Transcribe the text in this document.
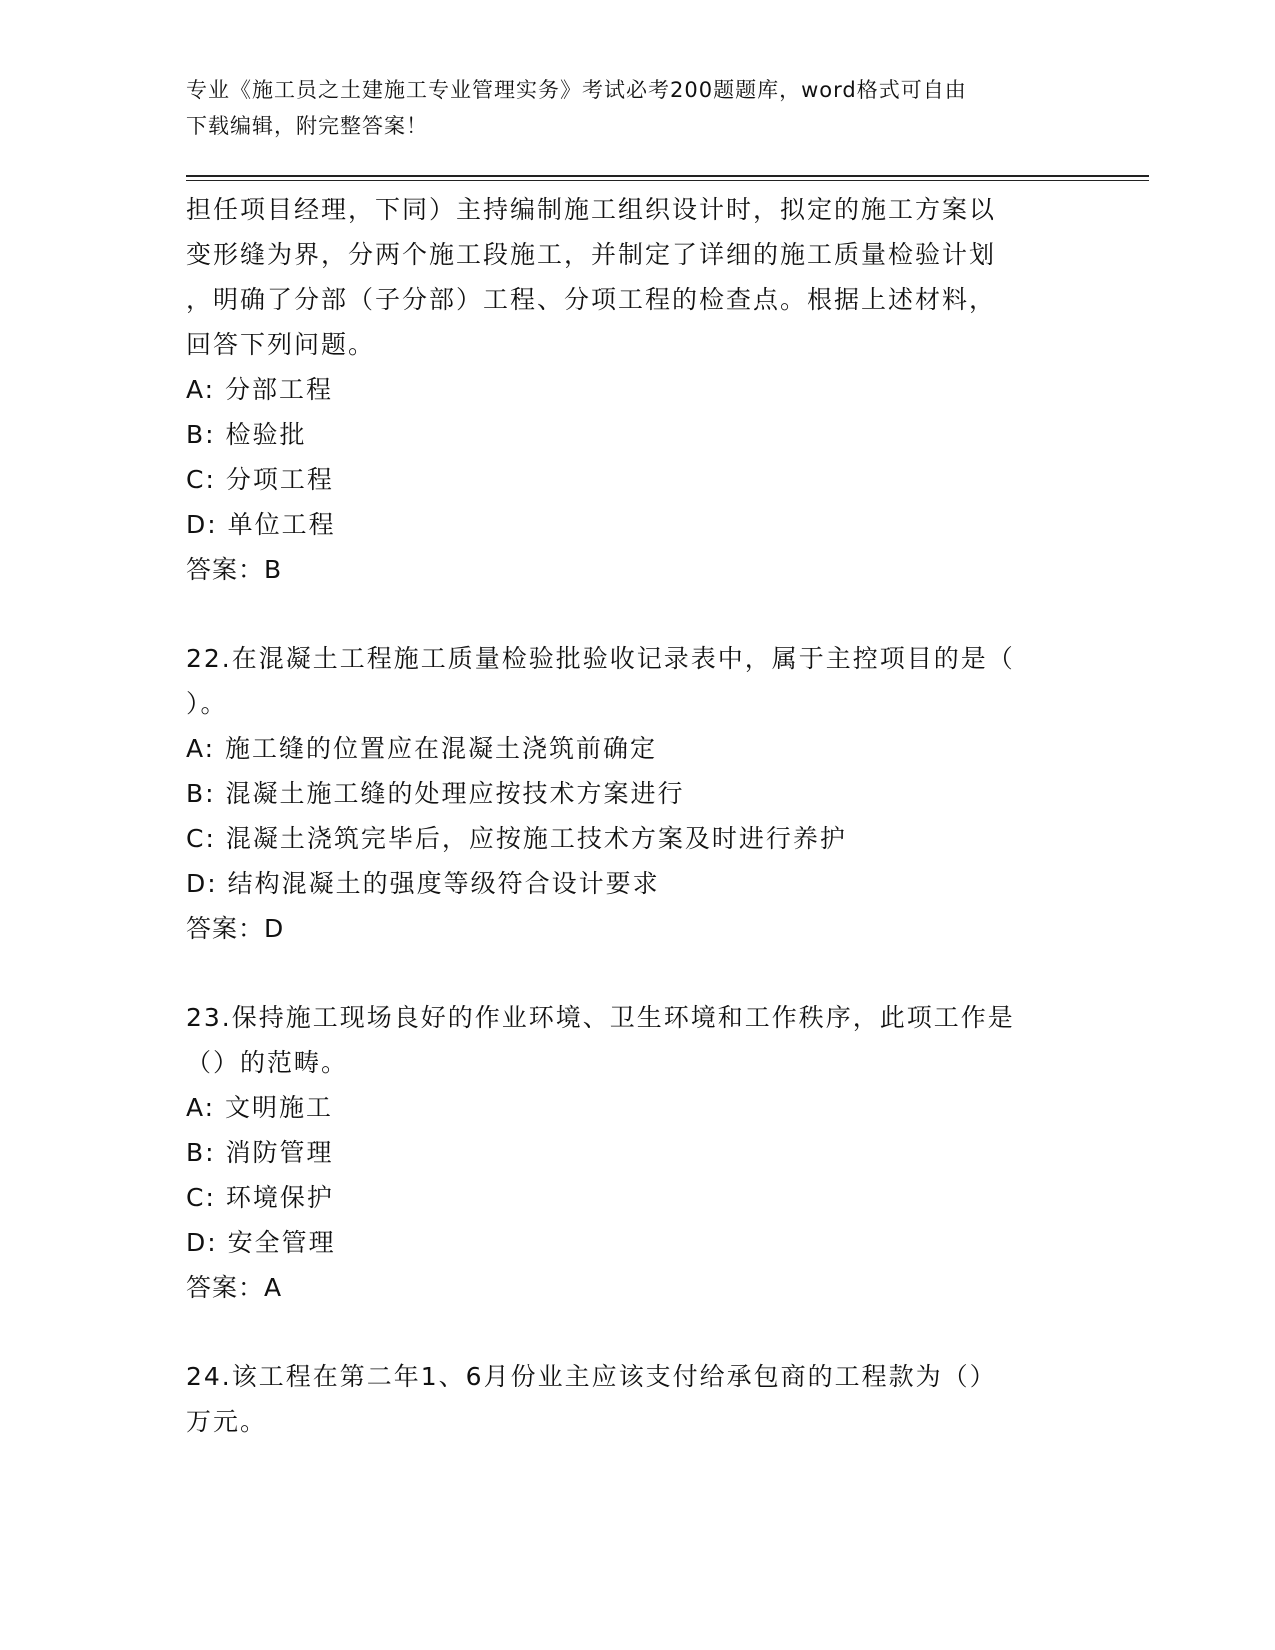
专业《施工员之土建施工专业管理实务》考试必考200题题库，word格式可自由
下载编辑，附完整答案！
担任项目经理，下同）主持编制施工组织设计时，拟定的施工方案以
变形缝为界，分两个施工段施工，并制定了详细的施工质量检验计划
，明确了分部（子分部）工程、分项工程的检查点。根据上述材料，
回答下列问题。
A: 分部工程
B: 检验批
C: 分项工程
D: 单位工程
答案：B
22.在混凝土工程施工质量检验批验收记录表中，属于主控项目的是（
）。
A: 施工缝的位置应在混凝土浇筑前确定
B: 混凝土施工缝的处理应按技术方案进行
C: 混凝土浇筑完毕后，应按施工技术方案及时进行养护
D: 结构混凝土的强度等级符合设计要求
答案：D
23.保持施工现场良好的作业环境、卫生环境和工作秩序，此项工作是
（）的范畴。
A: 文明施工
B: 消防管理
C: 环境保护
D: 安全管理
答案：A
24.该工程在第二年1、6月份业主应该支付给承包商的工程款为（）
万元。
